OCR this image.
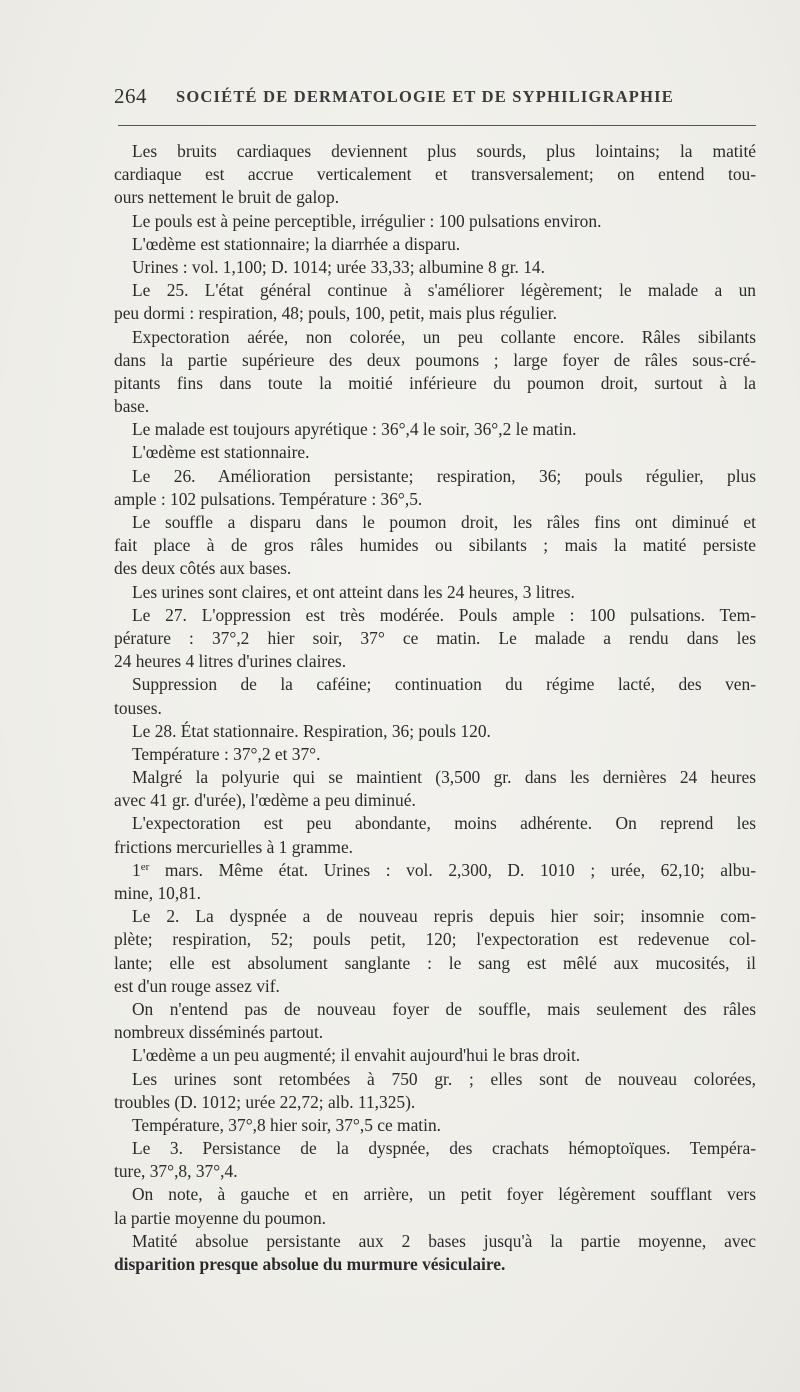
264 SOCIÉTÉ DE DERMATOLOGIE ET DE SYPHILIGRAPHIE
Les bruits cardiaques deviennent plus sourds, plus lointains; la matité
cardiaque est accrue verticalement et transversalement; on entend tou-
ours nettement le bruit de galop.
Le pouls est à peine perceptible, irrégulier : 100 pulsations environ.
L'œdème est stationnaire; la diarrhée a disparu.
Urines : vol. 1,100; D. 1014; urée 33,33; albumine 8 gr. 14.
Le 25. L'état général continue à s'améliorer légèrement; le malade a un
peu dormi : respiration, 48; pouls, 100, petit, mais plus régulier.
Expectoration aérée, non colorée, un peu collante encore. Râles sibilants
dans la partie supérieure des deux poumons ; large foyer de râles sous-cré-
pitants fins dans toute la moitié inférieure du poumon droit, surtout à la
base.
Le malade est toujours apyrétique : 36°,4 le soir, 36°,2 le matin.
L'œdème est stationnaire.
Le 26. Amélioration persistante; respiration, 36; pouls régulier, plus
ample : 102 pulsations. Température : 36°,5.
Le souffle a disparu dans le poumon droit, les râles fins ont diminué et
fait place à de gros râles humides ou sibilants ; mais la matité persiste
des deux côtés aux bases.
Les urines sont claires, et ont atteint dans les 24 heures, 3 litres.
Le 27. L'oppression est très modérée. Pouls ample : 100 pulsations. Tem-
pérature : 37°,2 hier soir, 37° ce matin. Le malade a rendu dans les
24 heures 4 litres d'urines claires.
Suppression de la caféine; continuation du régime lacté, des ven-
touses.
Le 28. État stationnaire. Respiration, 36; pouls 120.
Température : 37°,2 et 37°.
Malgré la polyurie qui se maintient (3,500 gr. dans les dernières 24 heures
avec 41 gr. d'urée), l'œdème a peu diminué.
L'expectoration est peu abondante, moins adhérente. On reprend les
frictions mercurielles à 1 gramme.
1er mars. Même état. Urines : vol. 2,300, D. 1010 ; urée, 62,10; albu-
mine, 10,81.
Le 2. La dyspnée a de nouveau repris depuis hier soir; insomnie com-
plète; respiration, 52; pouls petit, 120; l'expectoration est redevenue col-
lante; elle est absolument sanglante : le sang est mêlé aux mucosités, il
est d'un rouge assez vif.
On n'entend pas de nouveau foyer de souffle, mais seulement des râles
nombreux disséminés partout.
L'œdème a un peu augmenté; il envahit aujourd'hui le bras droit.
Les urines sont retombées à 750 gr. ; elles sont de nouveau colorées,
troubles (D. 1012; urée 22,72; alb. 11,325).
Température, 37°,8 hier soir, 37°,5 ce matin.
Le 3. Persistance de la dyspnée, des crachats hémoptoïques. Tempéra-
ture, 37°,8, 37°,4.
On note, à gauche et en arrière, un petit foyer légèrement soufflant vers
la partie moyenne du poumon.
Matité absolue persistante aux 2 bases jusqu'à la partie moyenne, avec
disparition presque absolue du murmure vésiculaire.
